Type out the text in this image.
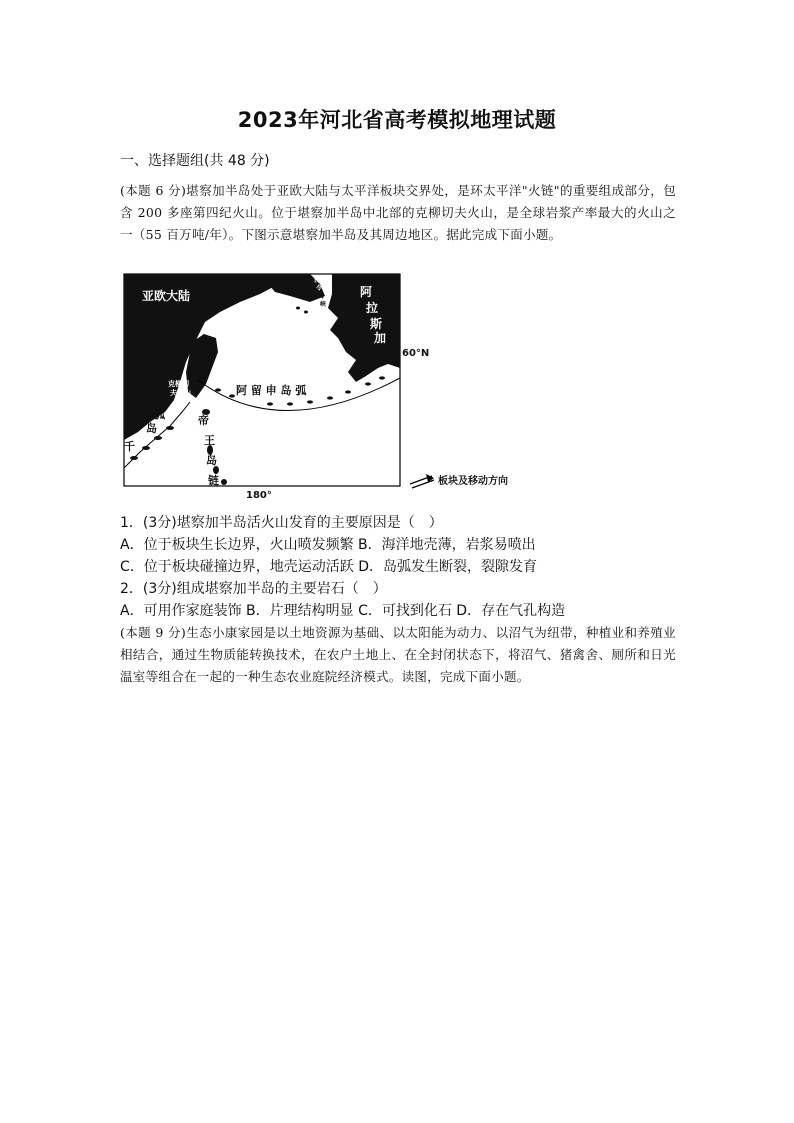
2023年河北省高考模拟地理试题
一、选择题组(共 48 分)
(本题 6 分)堪察加半岛处于亚欧大陆与太平洋板块交界处，是环太平洋"火链"的重要组成部分，包含 200 多座第四纪火山。位于堪察加半岛中北部的克柳切夫火山，是全球岩浆产率最大的火山之一（55 百万吨/年）。下图示意堪察加半岛及其周边地区。据此完成下面小题。
亚欧大陆
白
令
海
峡
阿
拉
斯
加
60°N
克柳切
夫火山	阿 留 申 岛 弧
弧
岛
千
帝
王
岛
链
180°
板块及移动方向
1．(3分)堪察加半岛活火山发育的主要原因是（　）
A．位于板块生长边界，火山喷发频繁 B．海洋地壳薄，岩浆易喷出
C．位于板块碰撞边界，地壳运动活跃 D．岛弧发生断裂，裂隙发育
2．(3分)组成堪察加半岛的主要岩石（　）
A．可用作家庭装饰 B．片理结构明显 C．可找到化石 D．存在气孔构造
(本题 9 分)生态小康家园是以土地资源为基础、以太阳能为动力、以沼气为纽带，种植业和养殖业相结合，通过生物质能转换技术，在农户土地上、在全封闭状态下，将沼气、猪禽舍、厕所和日光温室等组合在一起的一种生态农业庭院经济模式。读图，完成下面小题。
